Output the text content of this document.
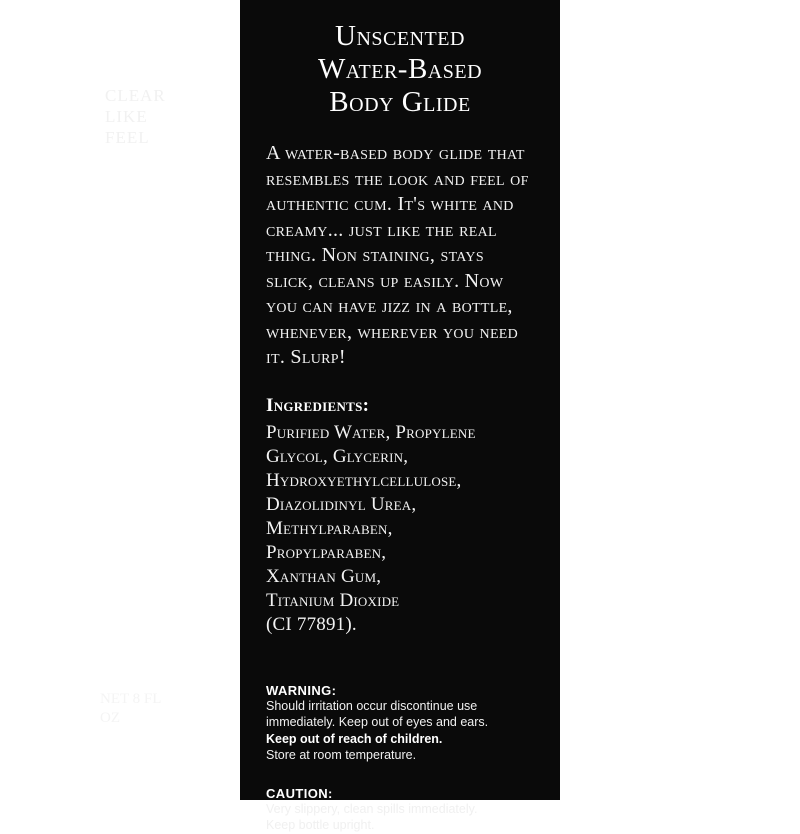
CLEAR LIKE FEEL
NET 8 FL OZ
Unscented
Water-Based
Body Glide
A water-based body glide that resembles the look and feel of authentic cum. It's white and creamy... just like the real thing. Non staining, stays slick, cleans up easily. Now you can have jizz in a bottle, whenever, wherever you need it. Slurp!
Ingredients:
Purified Water, Propylene
Glycol, Glycerin,
Hydroxyethylcellulose,
Diazolidinyl Urea,
Methylparaben,
Propylparaben,
Xanthan Gum,
Titanium Dioxide
(CI 77891).
WARNING:
Should irritation occur discontinue use
immediately. Keep out of eyes and ears.
Keep out of reach of children.
Store at room temperature.
CAUTION:
Very slippery, clean spills immediately.
Keep bottle upright.
